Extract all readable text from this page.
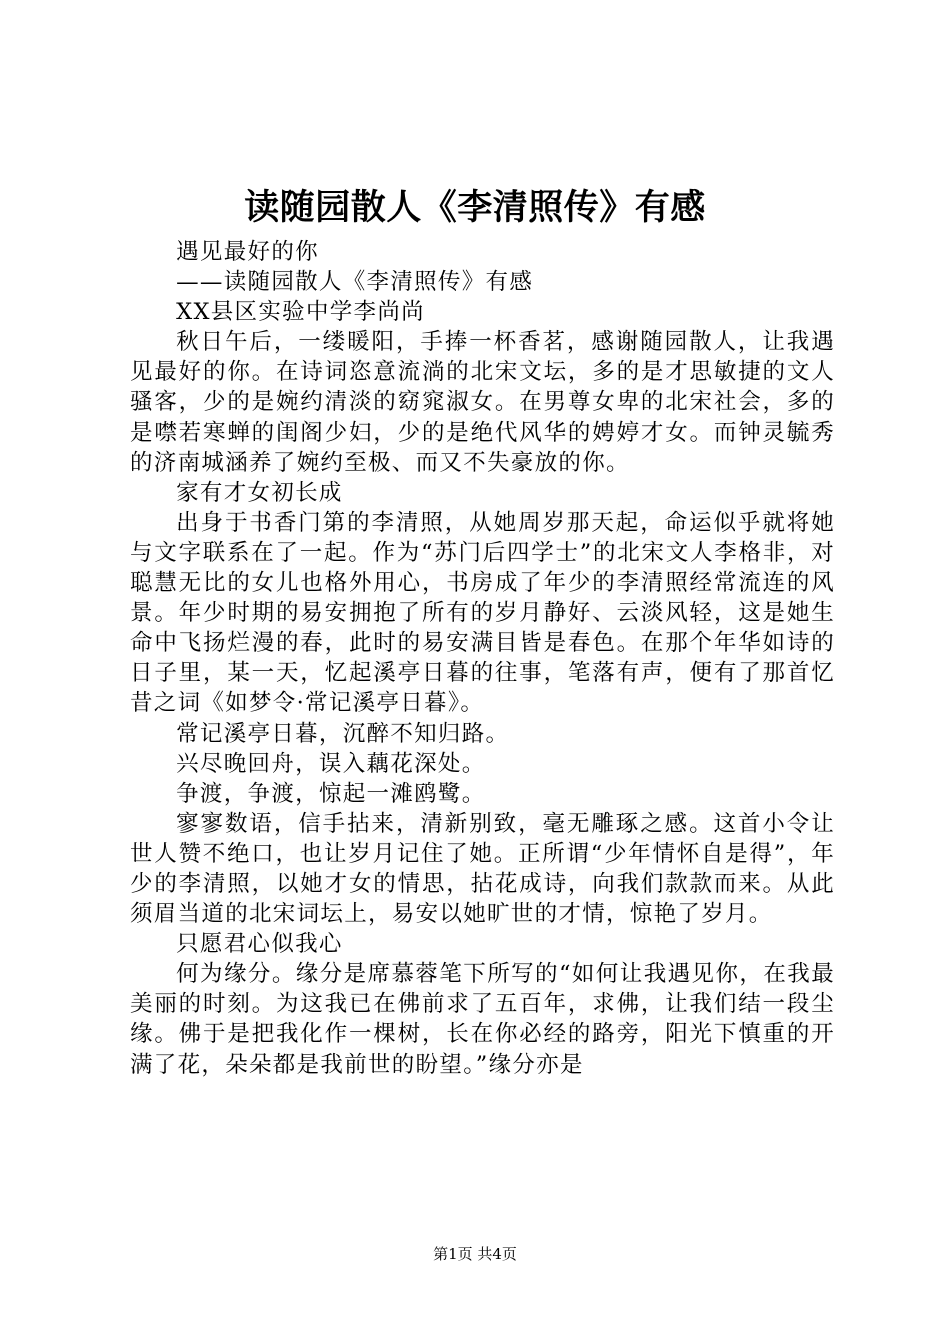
读随园散人《李清照传》有感

遇见最好的你

——读随园散人《李清照传》有感

XX县区实验中学李尚尚

秋日午后，一缕暖阳，手捧一杯香茗，感谢随园散人，让我遇见最好的你。在诗词恣意流淌的北宋文坛，多的是才思敏捷的文人骚客，少的是婉约清淡的窈窕淑女。在男尊女卑的北宋社会，多的是噤若寒蝉的闺阁少妇，少的是绝代风华的娉婷才女。而钟灵毓秀的济南城涵养了婉约至极、而又不失豪放的你。

家有才女初长成

出身于书香门第的李清照，从她周岁那天起，命运似乎就将她与文字联系在了一起。作为“苏门后四学士”的北宋文人李格非，对聪慧无比的女儿也格外用心，书房成了年少的李清照经常流连的风景。年少时期的易安拥抱了所有的岁月静好、云淡风轻，这是她生命中飞扬烂漫的春，此时的易安满目皆是春色。在那个年华如诗的日子里，某一天，忆起溪亭日暮的往事，笔落有声，便有了那首忆昔之词《如梦令·常记溪亭日暮》。

常记溪亭日暮，沉醉不知归路。

兴尽晚回舟，误入藕花深处。

争渡，争渡，惊起一滩鸥鹭。

寥寥数语，信手拈来，清新别致，毫无雕琢之感。这首小令让世人赞不绝口，也让岁月记住了她。正所谓“少年情怀自是得”，年少的李清照，以她才女的情思，拈花成诗，向我们款款而来。从此须眉当道的北宋词坛上，易安以她旷世的才情，惊艳了岁月。

只愿君心似我心

何为缘分。缘分是席慕蓉笔下所写的“如何让我遇见你，在我最美丽的时刻。为这我已在佛前求了五百年，求佛，让我们结一段尘缘。佛于是把我化作一棵树，长在你必经的路旁，阳光下慎重的开满了花，朵朵都是我前世的盼望。”缘分亦是

第1页 共4页
